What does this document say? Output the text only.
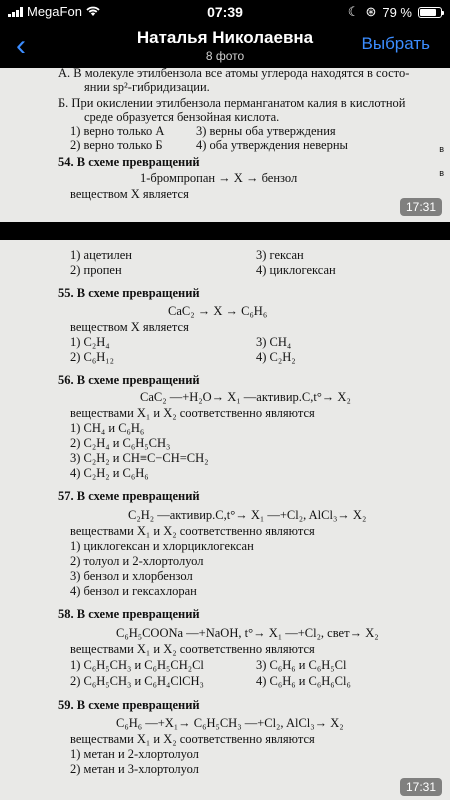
MegaFon	07:39	☾ ⊛ 79 %
‹	Наталья Николаевна
8 фото
Выбрать
А. В молекуле этилбензола все атомы углерода находятся в состо-
янии sp²-гибридизации.
Б. При окислении этилбензола перманганатом калия в кислотной
среде образуется бензойная кислота.
1) верно только А	3) верны оба утверждения
2) верно только Б	4) оба утверждения неверны
54. В схеме превращений
1-бромпропан → X → бензол
веществом X является
в
в
17:31
1) ацетилен	3) гексан
2) пропен	4) циклогексан
55. В схеме превращений
CaC₂ → X → C₆H₆
веществом X является
1) C₂H₄	3) CH₄
2) C₆H₁₂	4) C₂H₂
56. В схеме превращений
CaC₂ —+H₂O→ X₁ —активир.C,t°→ X₂
веществами X₁ и X₂ соответственно являются
1) CH₄ и C₆H₆
2) C₂H₄ и C₆H₅CH₃
3) C₂H₂ и CH≡C−CH=CH₂
4) C₂H₂ и C₆H₆
57. В схеме превращений
C₂H₂ —активир.C,t°→ X₁ —+Cl₂, AlCl₃→ X₂
веществами X₁ и X₂ соответственно являются
1) циклогексан и хлорциклогексан
2) толуол и 2-хлортолуол
3) бензол и хлорбензол
4) бензол и гексахлоран
58. В схеме превращений
C₆H₅COONa —+NaOH, t°→ X₁ —+Cl₂, свет→ X₂
веществами X₁ и X₂ соответственно являются
1) C₆H₅CH₃ и C₆H₅CH₂Cl	3) C₆H₆ и C₆H₅Cl
2) C₆H₅CH₃ и C₆H₄ClCH₃	4) C₆H₆ и C₆H₆Cl₆
59. В схеме превращений
C₆H₆ —+X₁→ C₆H₅CH₃ —+Cl₂, AlCl₃→ X₂
веществами X₁ и X₂ соответственно являются
1) метан и 2-хлортолуол
2) метан и 3-хлортолуол
17:31
